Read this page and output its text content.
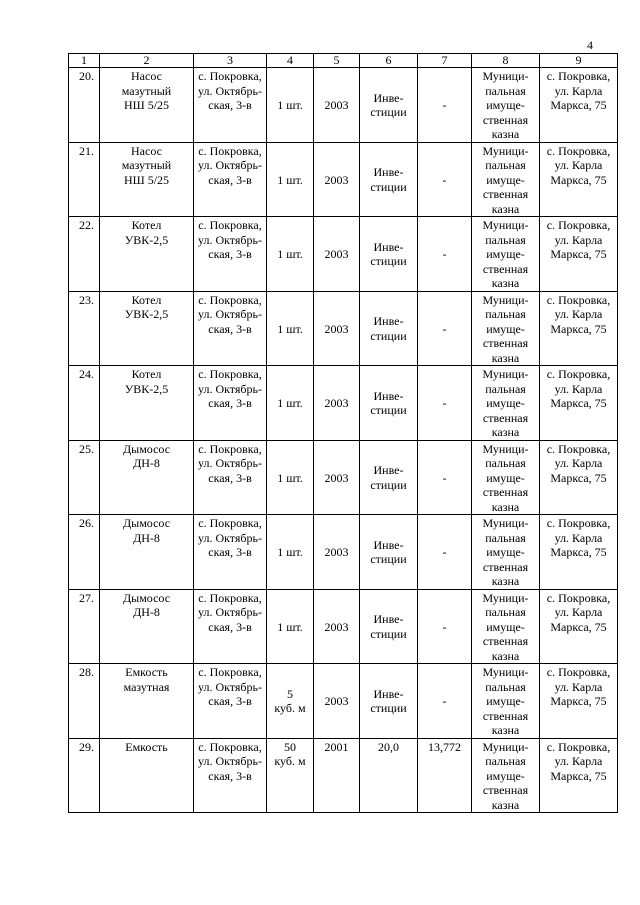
4
1	2	3	4	5	6	7	8	9
20.	Насос
мазутный
НШ 5/25	с. Покровка,
ул. Октябрь-
ская, 3-в	1 шт.	2003	Инве-
стиции	-	Муници-
пальная
имуще-
ственная
казна	с. Покровка,
ул. Карла
Маркса, 75

21.	Насос
мазутный
НШ 5/25	с. Покровка,
ул. Октябрь-
ская, 3-в	1 шт.	2003	Инве-
стиции	-	Муници-
пальная
имуще-
ственная
казна	с. Покровка,
ул. Карла
Маркса, 75

22.	Котел
УВК-2,5	с. Покровка,
ул. Октябрь-
ская, 3-в	1 шт.	2003	Инве-
стиции	-	Муници-
пальная
имуще-
ственная
казна	с. Покровка,
ул. Карла
Маркса, 75

23.	Котел
УВК-2,5	с. Покровка,
ул. Октябрь-
ская, 3-в	1 шт.	2003	Инве-
стиции	-	Муници-
пальная
имуще-
ственная
казна	с. Покровка,
ул. Карла
Маркса, 75

24.	Котел
УВК-2,5	с. Покровка,
ул. Октябрь-
ская, 3-в	1 шт.	2003	Инве-
стиции	-	Муници-
пальная
имуще-
ственная
казна	с. Покровка,
ул. Карла
Маркса, 75

25.	Дымосос
ДН-8	с. Покровка,
ул. Октябрь-
ская, 3-в	1 шт.	2003	Инве-
стиции	-	Муници-
пальная
имуще-
ственная
казна	с. Покровка,
ул. Карла
Маркса, 75

26.	Дымосос
ДН-8	с. Покровка,
ул. Октябрь-
ская, 3-в	1 шт.	2003	Инве-
стиции	-	Муници-
пальная
имуще-
ственная
казна	с. Покровка,
ул. Карла
Маркса, 75

27.	Дымосос
ДН-8	с. Покровка,
ул. Октябрь-
ская, 3-в	1 шт.	2003	Инве-
стиции	-	Муници-
пальная
имуще-
ственная
казна	с. Покровка,
ул. Карла
Маркса, 75

28.	Емкость
мазутная	с. Покровка,
ул. Октябрь-
ская, 3-в	5
куб. м	2003	Инве-
стиции	-	Муници-
пальная
имуще-
ственная
казна	с. Покровка,
ул. Карла
Маркса, 75

29.	Емкость	с. Покровка,
ул. Октябрь-
ская, 3-в	50
куб. м	2001	20,0	13,772	Муници-
пальная
имуще-
ственная
казна	с. Покровка,
ул. Карла
Маркса, 75
